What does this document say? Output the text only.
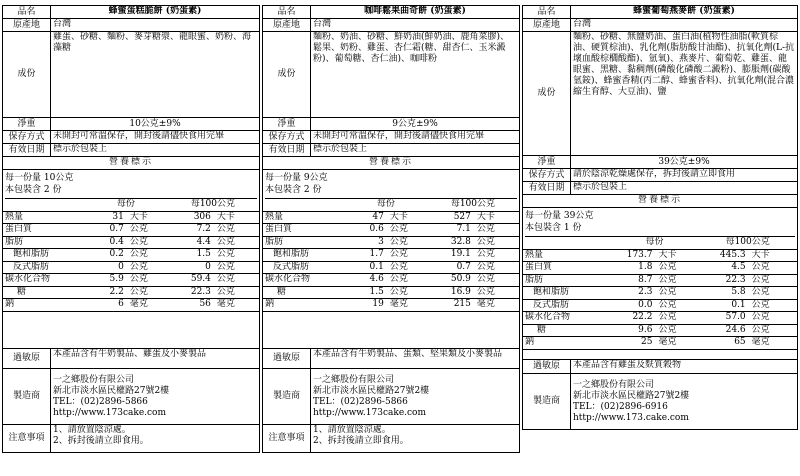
品名	蜂蜜蛋糕脆餅 (奶蛋素)
原產地	台灣
成份	雞蛋、砂糖、麵粉、麥芽糖漿、龍眼蜜、奶粉、海藻糖
淨重	10公克±9%
保存方式	未開封可常溫保存，開封後請儘快食用完畢
有效日期	標示於包裝上
營養標示

每一份量 10公克
本包裝含 2 份
	每份	每100公克
熱量	31	大卡	306	大卡
蛋白質	0.7	公克	7.2	公克
脂肪	0.4	公克	4.4	公克
飽和脂肪	0.2	公克	1.5	公克
反式脂肪	0	公克	0	公克
碳水化合物	5.9	公克	59.4	公克
糖	2.2	公克	22.3	公克
鈉	6	毫克	56	毫克

過敏原	本產品含有牛奶製品、雞蛋及小麥製品
製造商	
一之鄉股份有限公司
新北市淡水區民權路27號2樓
TEL：(02)2896-5866
http://www.173cake.com

注意事項	
1、請放置陰涼處。
2、拆封後請立即食用。
品名	咖啡鬆果曲奇餅 (奶蛋素)
原產地	台灣
成份	麵粉、奶油、砂糖、鮮奶油(鮮奶油、鹿角菜膠)、鬆果、奶粉、雞蛋、杏仁霜(糖、甜杏仁、玉米澱粉)、葡萄糖、杏仁油)、咖啡粉
淨重	9公克±9%
保存方式	未開封可常溫保存，開封後請儘快食用完畢
有效日期	標示於包裝上
營養標示

每一份量 9公克
本包裝含 2 份
	每份	每100公克
熱量	47	大卡	527	大卡
蛋白質	0.6	公克	7.1	公克
脂肪	3	公克	32.8	公克
飽和脂肪	1.7	公克	19.1	公克
反式脂肪	0.1	公克	0.7	公克
碳水化合物	4.6	公克	50.9	公克
糖	1.5	公克	16.9	公克
鈉	19	毫克	215	毫克

過敏原	本產品含有牛奶製品、蛋類、堅果類及小麥製品
製造商	
一之鄉股份有限公司
新北市淡水區民權路27號2樓
TEL：(02)2896-5866
http://www.173cake.com

注意事項	
1、請放置陰涼處。
2、拆封後請立即食用。
品名	蜂蜜葡萄燕麥餅 (奶蛋素)
原產地	台灣
成份	麵粉、砂糖、無鹽奶油、蛋白油(植物性油脂(軟質棕油、硬質棕油)、乳化劑(脂肪酸甘油酯)、抗氧化劑(L-抗壞血酸棕櫚酸酯)、氫氧)、燕麥片、葡萄乾、雞蛋、龍眼蜜、黑糖、黏稠劑(磷酸化磷酸二澱粉)、膨脹劑(碳酸氫銨)、蜂蜜香精(丙二醇、蜂蜜香料)、抗氧化劑(混合濃縮生育醇、大豆油)、鹽
淨重	39公克±9%
保存方式	請於陰涼乾燥處保存，拆封後請立即食用
有效日期	標示於包裝上
營養標示

每一份量 39公克
本包裝含 1 份
	每份	每100公克
熱量	173.7	大卡	445.3	大卡
蛋白質	1.8	公克	4.5	公克
脂肪	8.7	公克	22.3	公克
飽和脂肪	2.3	公克	5.8	公克
反式脂肪	0.0	公克	0.1	公克
碳水化合物	22.2	公克	57.0	公克
糖	9.6	公克	24.6	公克
鈉	25	毫克	65	毫克

過敏原	本產品含有雞蛋及麩質穀物
製造商	
一之鄉股份有限公司
新北市淡水區民權路27號2樓
TEL：(02)2896-6916
http://www.173.cake.com
